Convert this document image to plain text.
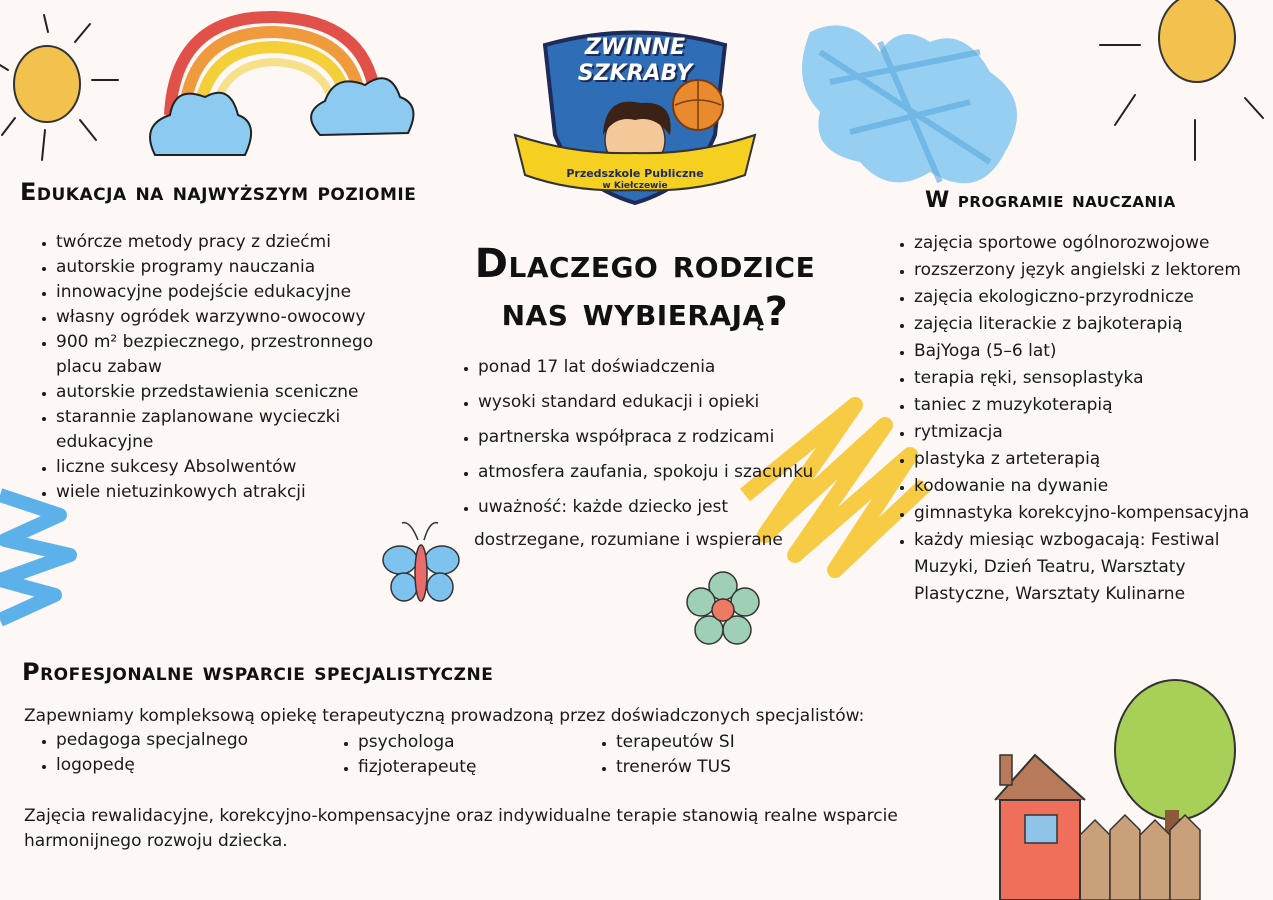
ZWINNE
SZKRABY
Przedszkole Publiczne
w Kiełczewie
Edukacja na najwyższym poziomie
• twórcze metody pracy z dziećmi
• autorskie programy nauczania
• innowacyjne podejście edukacyjne
• własny ogródek warzywno-owocowy
• 900 m² bezpiecznego, przestronnego placu zabaw
• autorskie przedstawienia sceniczne
• starannie zaplanowane wycieczki edukacyjne
• liczne sukcesy Absolwentów
• wiele nietuzinkowych atrakcji
Dlaczego rodzice
nas wybierają?
• ponad 17 lat doświadczenia
• wysoki standard edukacji i opieki
• partnerska współpraca z rodzicami
• atmosfera zaufania, spokoju i szacunku
• uważność: każde dziecko jest

dostrzegane, rozumiane i wspierane

W programie nauczania
• zajęcia sportowe ogólnorozwojowe
• rozszerzony język angielski z lektorem
• zajęcia ekologiczno-przyrodnicze
• zajęcia literackie z bajkoterapią
• BajYoga (5–6 lat)
• terapia ręki, sensoplastyka
• taniec z muzykoterapią
• rytmizacja
• plastyka z arteterapią
• kodowanie na dywanie
• gimnastyka korekcyjno-kompensacyjna
• każdy miesiąc wzbogacają: Festiwal Muzyki, Dzień Teatru, Warsztaty Plastyczne, Warsztaty Kulinarne
Profesjonalne wsparcie specjalistyczne

Zapewniamy kompleksową opiekę terapeutyczną prowadzoną przez doświadczonych specjalistów:

• pedagoga specjalnego
• logopedę
• psychologa
• fizjoterapeutę
• terapeutów SI
• trenerów TUS

Zajęcia rewalidacyjne, korekcyjno-kompensacyjne oraz indywidualne terapie stanowią realne wsparcie harmonijnego rozwoju dziecka.
